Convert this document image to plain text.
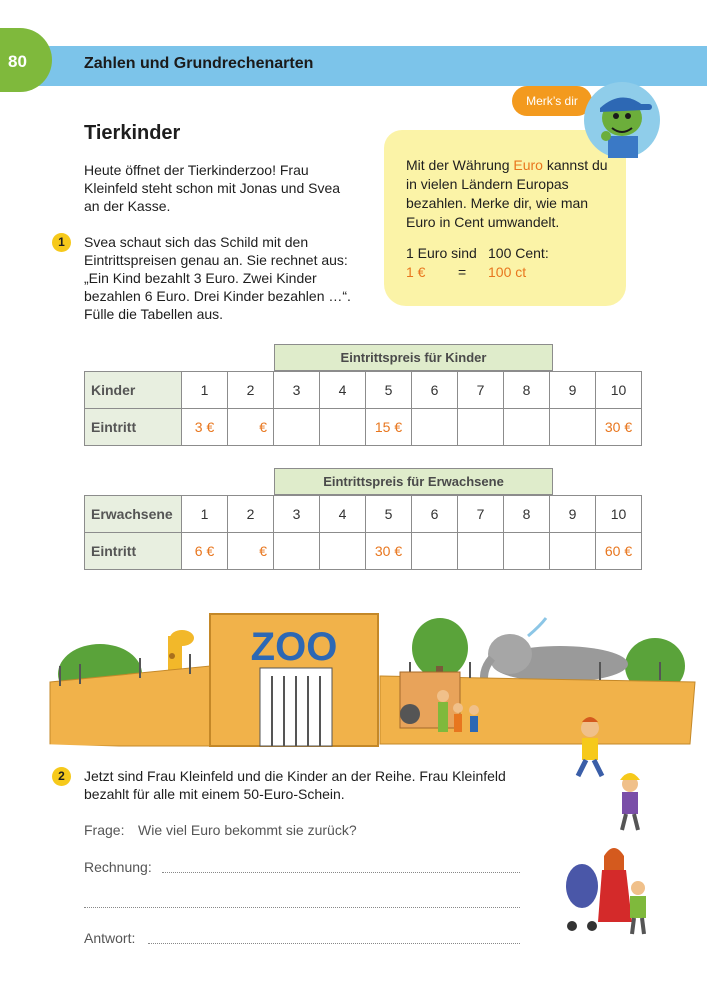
80	Zahlen und Grundrechenarten
Tierkinder
Heute öffnet der Tierkinderzoo! Frau Kleinfeld steht schon mit Jonas und Svea an der Kasse.
1	Svea schaut sich das Schild mit den Eintrittspreisen genau an. Sie rechnet aus: „Ein Kind bezahlt 3 Euro. Zwei Kinder bezahlen 6 Euro. Drei Kinder bezahlen …“. Fülle die Tabellen aus.
Merk’s dir
Mit der Währung Euro kannst du in vielen Ländern Europas bezahlen. Merke dir, wie man Euro in Cent umwandelt.
1 Euro sind 100 Cent:
1 € = 100 ct
Eintrittspreis für Kinder
Kinder	1	2	3	4	5	6	7	8	9	10
Eintritt	3 €	€			15 €					30 €
Eintrittspreis für Erwachsene
Erwachsene	1	2	3	4	5	6	7	8	9	10
Eintritt	6 €	€			30 €					60 €
ZOO
2	Jetzt sind Frau Kleinfeld und die Kinder an der Reihe. Frau Kleinfeld bezahlt für alle mit einem 50-Euro-Schein.
Frage: Wie viel Euro bekommt sie zurück?
Rechnung:
Antwort:
